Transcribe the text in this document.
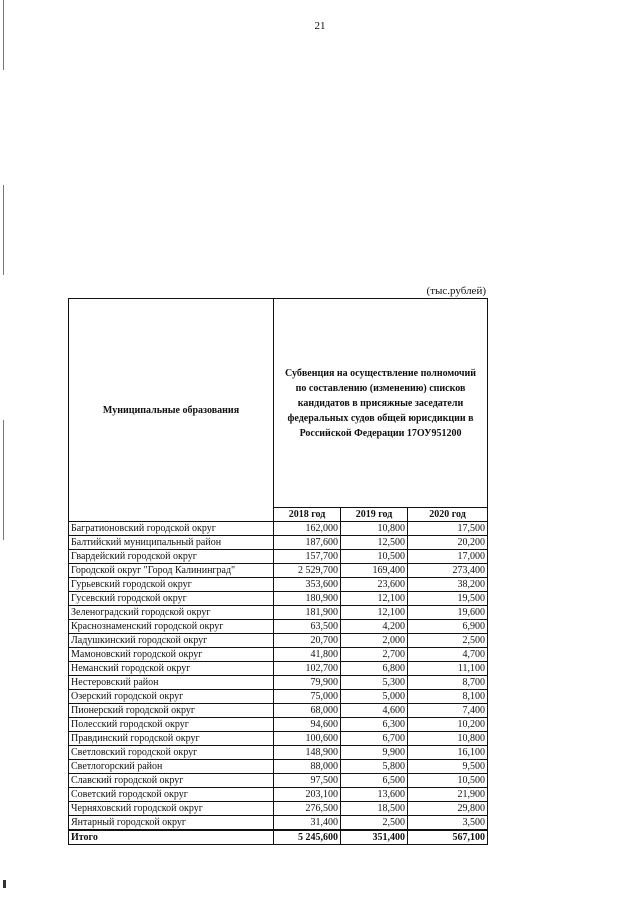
21
(тыс.рублей)
Муниципальные образования	Субвенция на осуществление полномочий по составлению (изменению) списков кандидатов в присяжные заседатели федеральных судов общей юрисдикции в Российской Федерации 17ОУ951200		
	2018 год	2019 год	2020 год
Багратионовский городской округ	162,000	10,800	17,500
Балтийский муниципальный район	187,600	12,500	20,200
Гвардейский городской округ	157,700	10,500	17,000
Городской округ "Город Калининград"	2 529,700	169,400	273,400
Гурьевский городской округ	353,600	23,600	38,200
Гусевский городской округ	180,900	12,100	19,500
Зеленоградский городской округ	181,900	12,100	19,600
Краснознаменский городской округ	63,500	4,200	6,900
Ладушкинский городской округ	20,700	2,000	2,500
Мамоновский городской округ	41,800	2,700	4,700
Неманский городской округ	102,700	6,800	11,100
Нестеровский район	79,900	5,300	8,700
Озерский городской округ	75,000	5,000	8,100
Пионерский городской округ	68,000	4,600	7,400
Полесский городской округ	94,600	6,300	10,200
Правдинский городской округ	100,600	6,700	10,800
Светловский городской округ	148,900	9,900	16,100
Светлогорский район	88,000	5,800	9,500
Славский городской округ	97,500	6,500	10,500
Советский городской округ	203,100	13,600	21,900
Черняховский городской округ	276,500	18,500	29,800
Янтарный городской округ	31,400	2,500	3,500
Итого	5 245,600	351,400	567,100
